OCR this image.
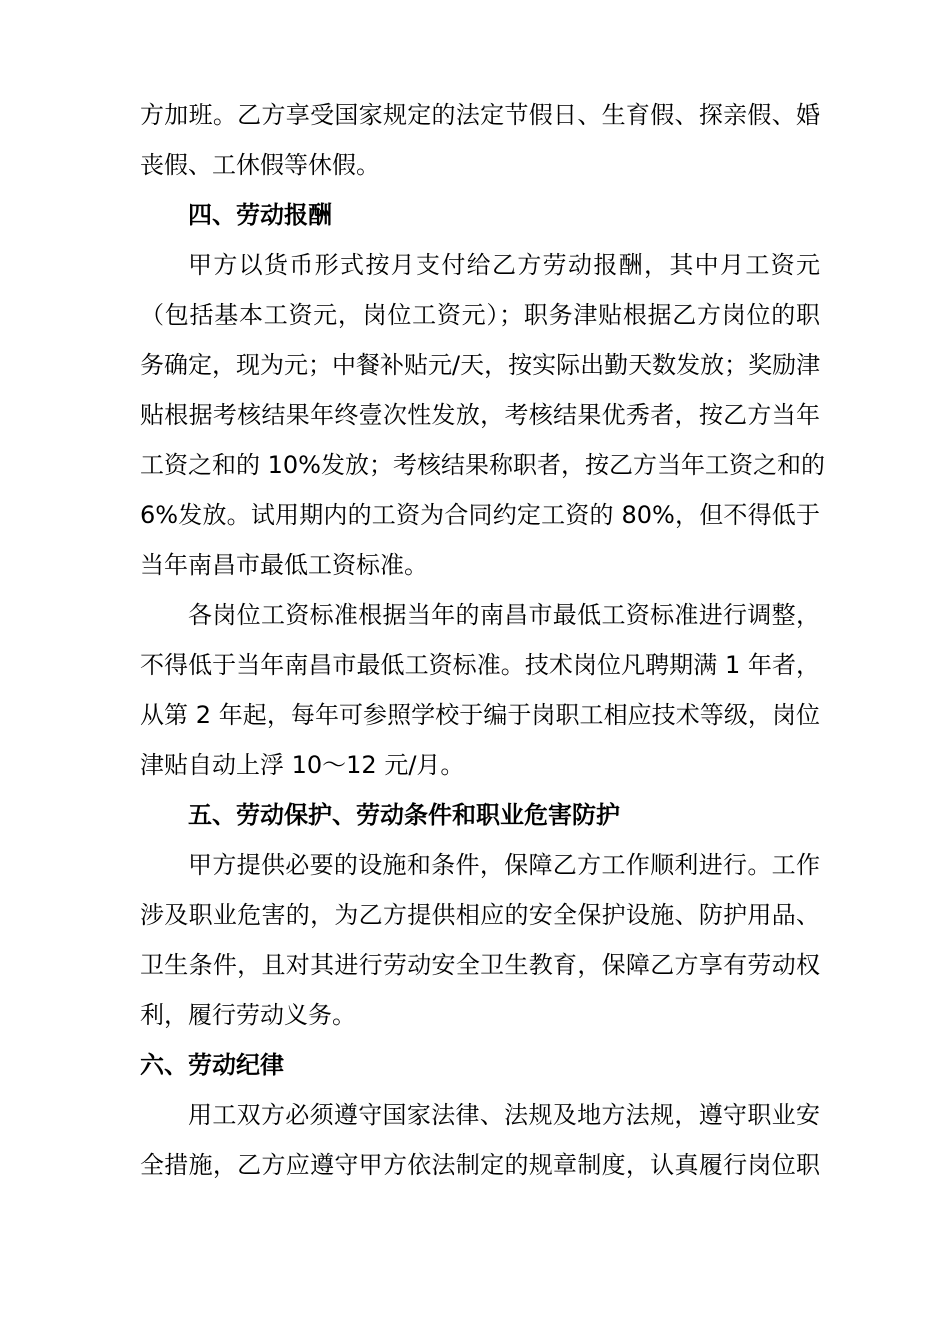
方加班。乙方享受国家规定的法定节假日、生育假、探亲假、婚
丧假、工休假等休假。
四、劳动报酬
甲方以货币形式按月支付给乙方劳动报酬，其中月工资元
（包括基本工资元，岗位工资元）；职务津贴根据乙方岗位的职
务确定，现为元；中餐补贴元/天，按实际出勤天数发放；奖励津
贴根据考核结果年终壹次性发放，考核结果优秀者，按乙方当年
工资之和的 10%发放；考核结果称职者，按乙方当年工资之和的
6%发放。试用期内的工资为合同约定工资的 80%，但不得低于
当年南昌市最低工资标准。
各岗位工资标准根据当年的南昌市最低工资标准进行调整，
不得低于当年南昌市最低工资标准。技术岗位凡聘期满 1 年者，
从第 2 年起，每年可参照学校于编于岗职工相应技术等级，岗位
津贴自动上浮 10～12 元/月。
五、劳动保护、劳动条件和职业危害防护
甲方提供必要的设施和条件，保障乙方工作顺利进行。工作
涉及职业危害的，为乙方提供相应的安全保护设施、防护用品、
卫生条件，且对其进行劳动安全卫生教育，保障乙方享有劳动权
利，履行劳动义务。
六、劳动纪律
用工双方必须遵守国家法律、法规及地方法规，遵守职业安
全措施，乙方应遵守甲方依法制定的规章制度，认真履行岗位职
